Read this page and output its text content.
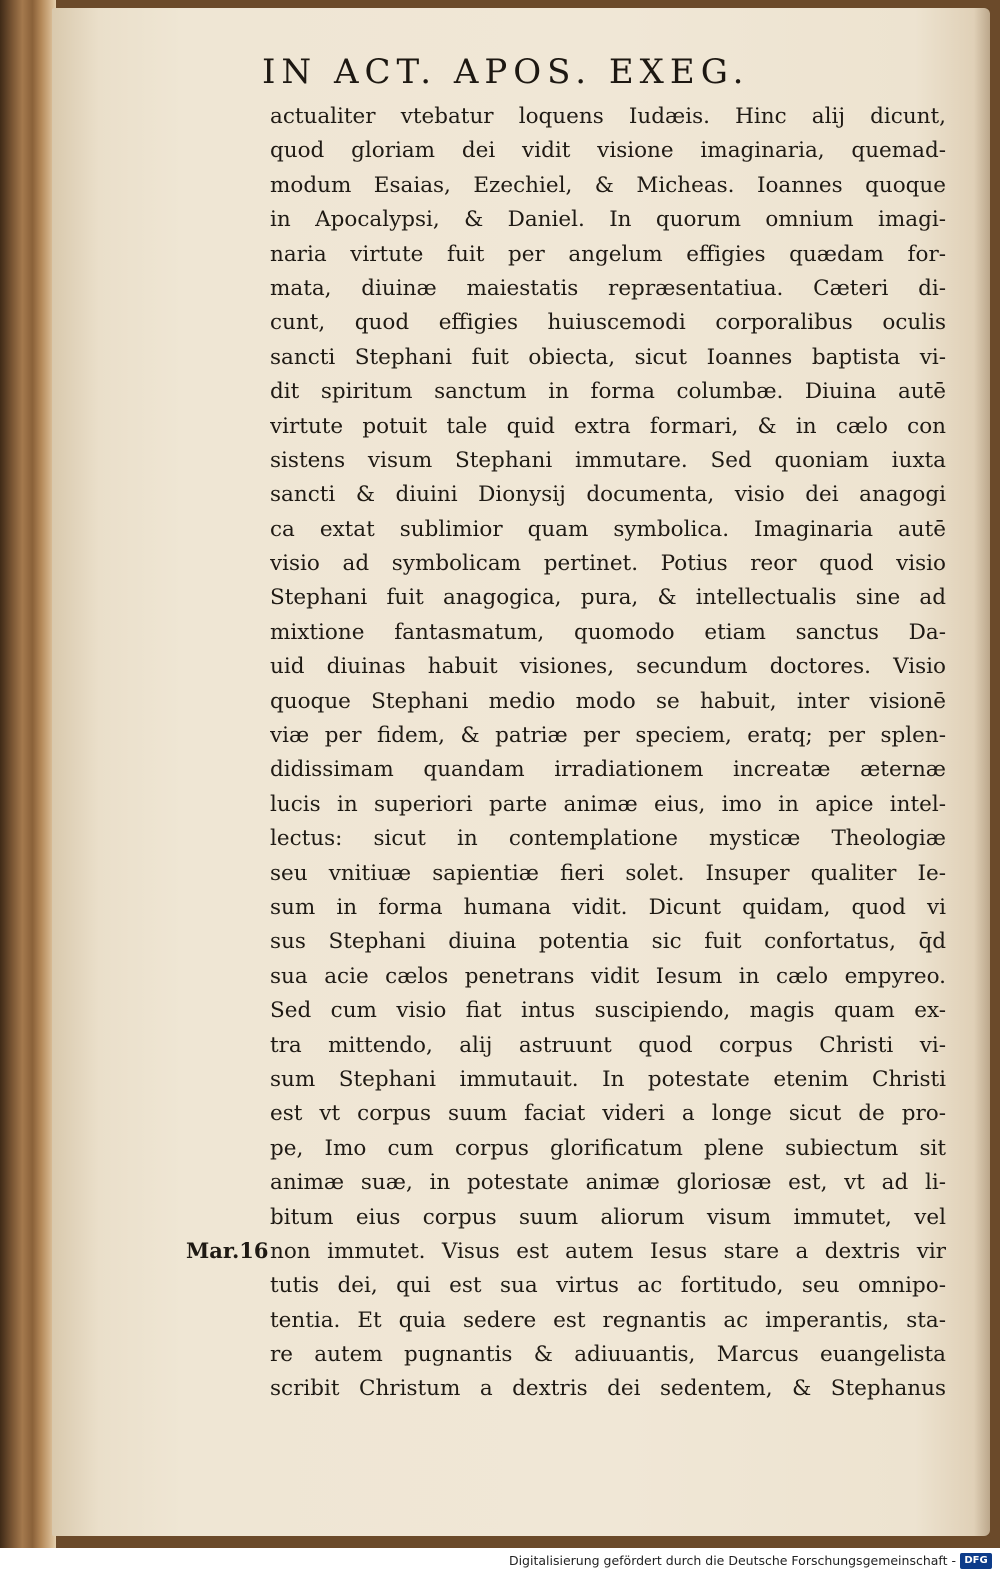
IN ACT. APOS. EXEG.
actualiter vtebatur loquens Iudæis. Hinc alij dicunt,
quod gloriam dei vidit visione imaginaria, quemad-
modum Esaias, Ezechiel, & Micheas. Ioannes quoque
in Apocalypsi, & Daniel. In quorum omnium imagi-
naria virtute fuit per angelum effigies quædam for-
mata, diuinæ maiestatis repræsentatiua. Cæteri di-
cunt, quod effigies huiuscemodi corporalibus oculis
sancti Stephani fuit obiecta, sicut Ioannes baptista vi-
dit spiritum sanctum in forma columbæ. Diuina autē
virtute potuit tale quid extra formari, & in cælo con
sistens visum Stephani immutare. Sed quoniam iuxta
sancti & diuini Dionysij documenta, visio dei anagogi
ca extat sublimior quam symbolica. Imaginaria autē
visio ad symbolicam pertinet. Potius reor quod visio
Stephani fuit anagogica, pura, & intellectualis sine ad
mixtione fantasmatum, quomodo etiam sanctus Da-
uid diuinas habuit visiones, secundum doctores. Visio
quoque Stephani medio modo se habuit, inter visionē
viæ per fidem, & patriæ per speciem, eratq; per splen-
didissimam quandam irradiationem increatæ æternæ
lucis in superiori parte animæ eius, imo in apice intel-
lectus: sicut in contemplatione mysticæ Theologiæ
seu vnitiuæ sapientiæ fieri solet. Insuper qualiter Ie-
sum in forma humana vidit. Dicunt quidam, quod vi
sus Stephani diuina potentia sic fuit confortatus, q̄d
sua acie cælos penetrans vidit Iesum in cælo empyreo.
Sed cum visio fiat intus suscipiendo, magis quam ex-
tra mittendo, alij astruunt quod corpus Christi vi-
sum Stephani immutauit. In potestate etenim Christi
est vt corpus suum faciat videri a longe sicut de pro-
pe, Imo cum corpus glorificatum plene subiectum sit
animæ suæ, in potestate animæ gloriosæ est, vt ad li-
bitum eius corpus suum aliorum visum immutet, vel
non immutet. Visus est autem Iesus stare a dextris vir
tutis dei, qui est sua virtus ac fortitudo, seu omnipo-
tentia. Et quia sedere est regnantis ac imperantis, sta-
re autem pugnantis & adiuuantis, Marcus euangelista
scribit Christum a dextris dei sedentem, & Stephanus
Mar.16
Digitalisierung gefördert durch die Deutsche Forschungsgemeinschaft - DFG
